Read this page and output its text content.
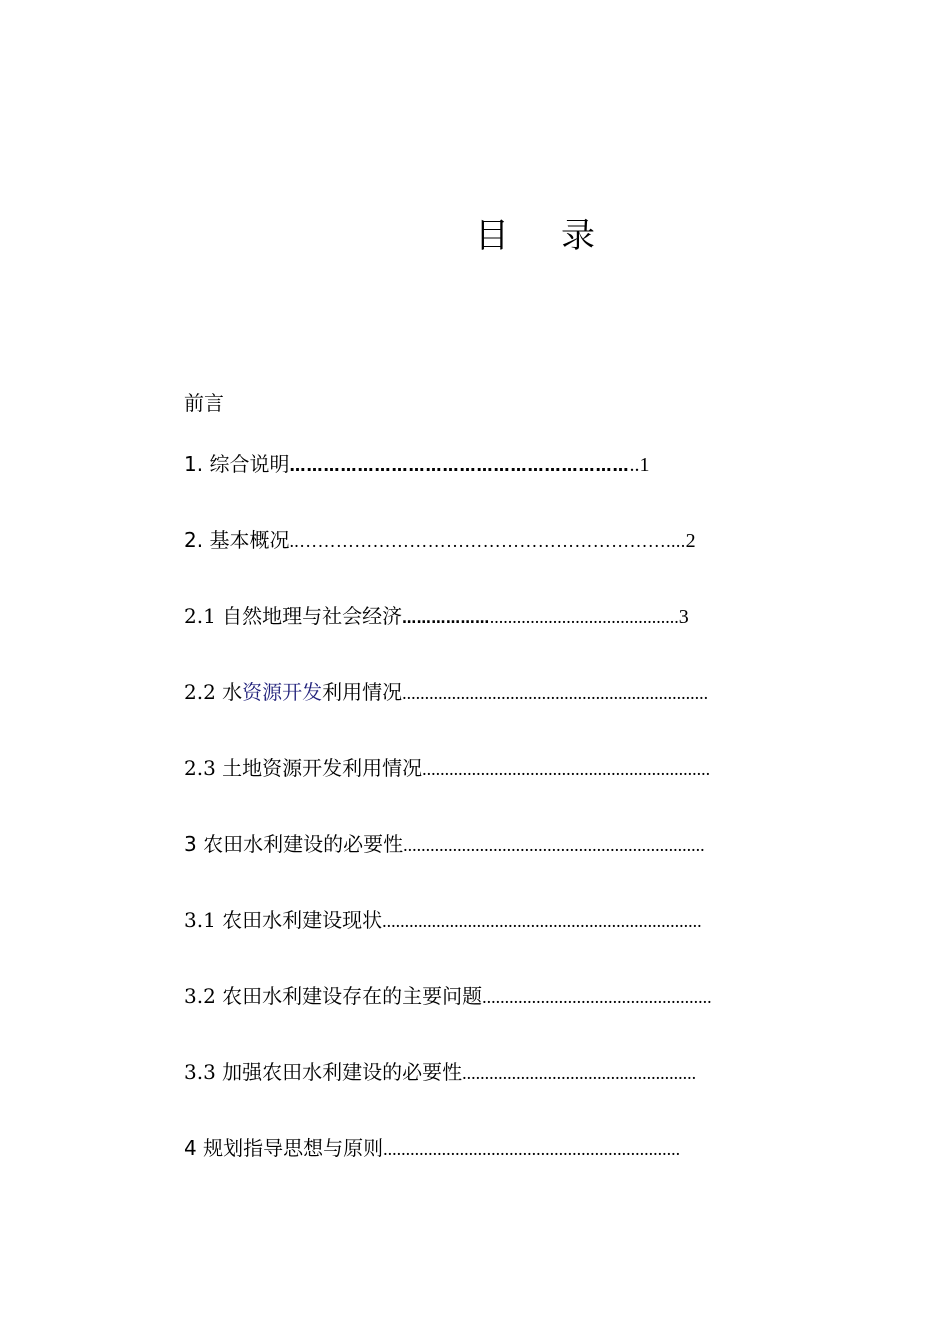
目 录
前言
1. 综合说明……………………………………………………..1
2. 基本概况..……………………………………………………....2
2.1 自然地理与社会经济………………..........................................3
2.2 水资源开发利用情况....................................................................
2.3 土地资源开发利用情况................................................................
3 农田水利建设的必要性...................................................................
3.1 农田水利建设现状.......................................................................
3.2 农田水利建设存在的主要问题...................................................
3.3 加强农田水利建设的必要性....................................................
4 规划指导思想与原则..................................................................
